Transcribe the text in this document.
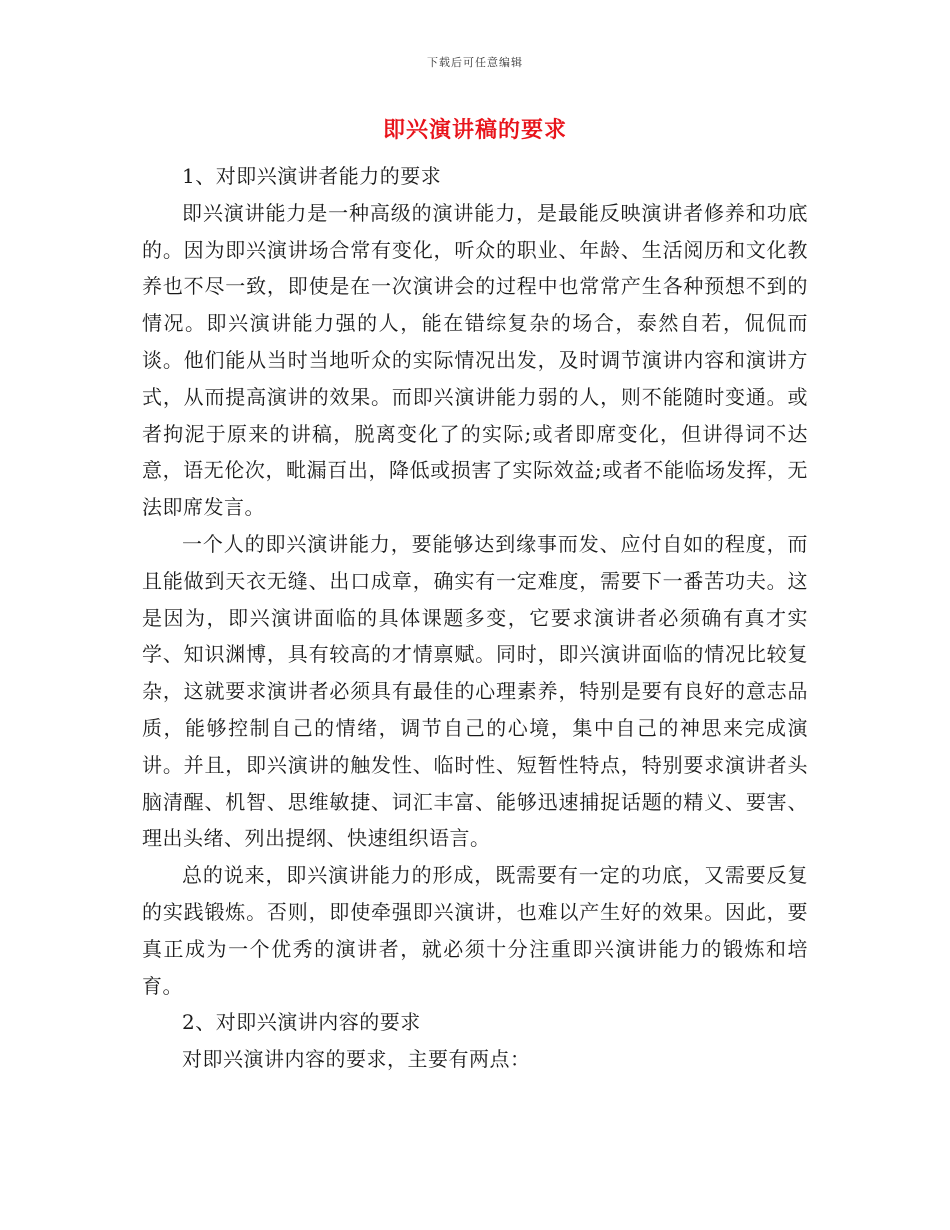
下载后可任意编辑
即兴演讲稿的要求

1、对即兴演讲者能力的要求

即兴演讲能力是一种高级的演讲能力，是最能反映演讲者修养和功底的。因为即兴演讲场合常有变化，听众的职业、年龄、生活阅历和文化教养也不尽一致，即使是在一次演讲会的过程中也常常产生各种预想不到的情况。即兴演讲能力强的人，能在错综复杂的场合，泰然自若，侃侃而谈。他们能从当时当地听众的实际情况出发，及时调节演讲内容和演讲方式，从而提高演讲的效果。而即兴演讲能力弱的人，则不能随时变通。或者拘泥于原来的讲稿，脱离变化了的实际;或者即席变化，但讲得词不达意，语无伦次，毗漏百出，降低或损害了实际效益;或者不能临场发挥，无法即席发言。

一个人的即兴演讲能力，要能够达到缘事而发、应付自如的程度，而且能做到天衣无缝、出口成章，确实有一定难度，需要下一番苦功夫。这是因为，即兴演讲面临的具体课题多变，它要求演讲者必须确有真才实学、知识渊博，具有较高的才情禀赋。同时，即兴演讲面临的情况比较复杂，这就要求演讲者必须具有最佳的心理素养，特别是要有良好的意志品质，能够控制自己的情绪，调节自己的心境，集中自己的神思来完成演讲。并且，即兴演讲的触发性、临时性、短暂性特点，特别要求演讲者头脑清醒、机智、思维敏捷、词汇丰富、能够迅速捕捉话题的精义、要害、理出头绪、列出提纲、快速组织语言。

总的说来，即兴演讲能力的形成，既需要有一定的功底，又需要反复的实践锻炼。否则，即使牵强即兴演讲，也难以产生好的效果。因此，要真正成为一个优秀的演讲者，就必须十分注重即兴演讲能力的锻炼和培育。

2、对即兴演讲内容的要求

对即兴演讲内容的要求，主要有两点：
